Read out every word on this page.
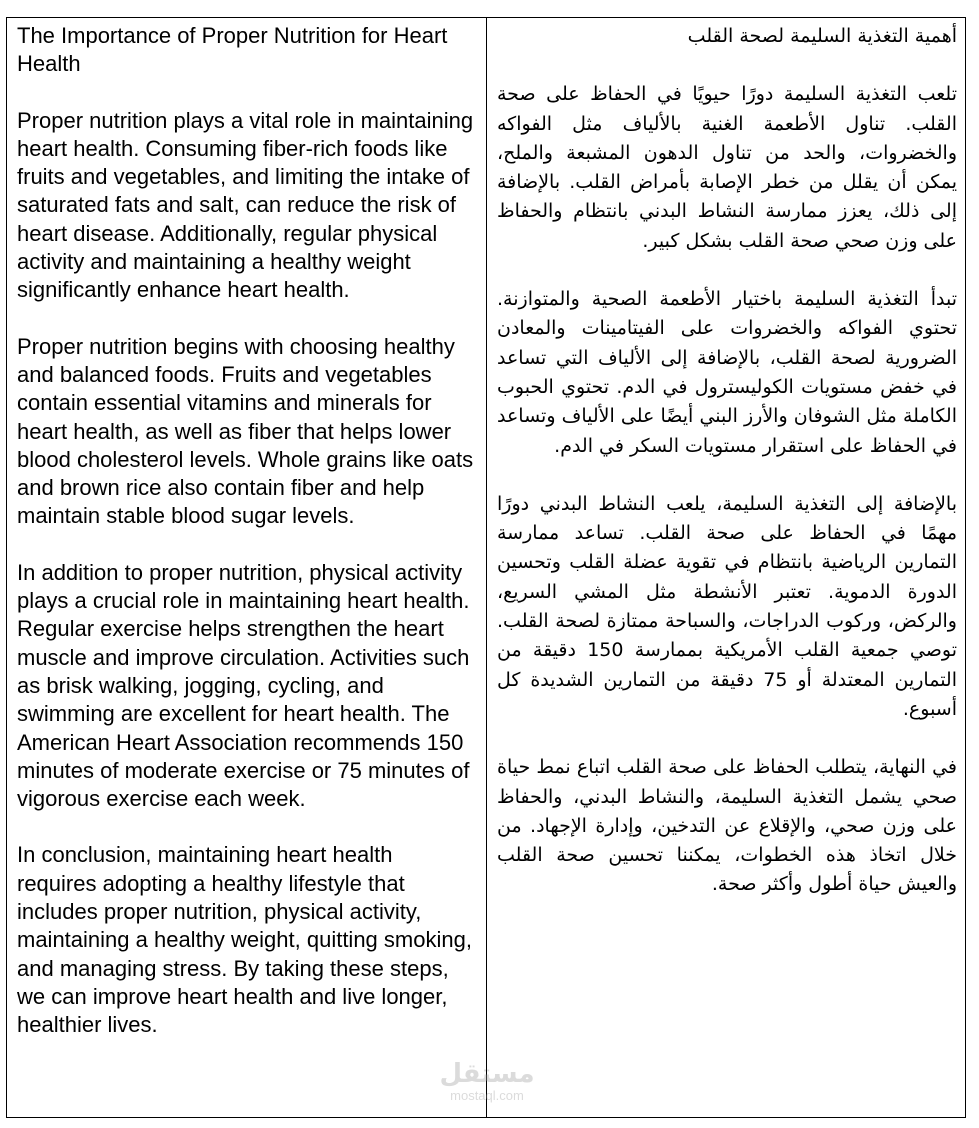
The Importance of Proper Nutrition for Heart Health

Proper nutrition plays a vital role in maintaining heart health. Consuming fiber-rich foods like fruits and vegetables, and limiting the intake of saturated fats and salt, can reduce the risk of heart disease. Additionally, regular physical activity and maintaining a healthy weight significantly enhance heart health.

Proper nutrition begins with choosing healthy and balanced foods. Fruits and vegetables contain essential vitamins and minerals for heart health, as well as fiber that helps lower blood cholesterol levels. Whole grains like oats and brown rice also contain fiber and help maintain stable blood sugar levels.

In addition to proper nutrition, physical activity plays a crucial role in maintaining heart health. Regular exercise helps strengthen the heart muscle and improve circulation. Activities such as brisk walking, jogging, cycling, and swimming are excellent for heart health. The American Heart Association recommends 150 minutes of moderate exercise or 75 minutes of vigorous exercise each week.

In conclusion, maintaining heart health requires adopting a healthy lifestyle that includes proper nutrition, physical activity, maintaining a healthy weight, quitting smoking, and managing stress. By taking these steps, we can improve heart health and live longer, healthier lives.

أهمية التغذية السليمة لصحة القلب

تلعب التغذية السليمة دورًا حيويًا في الحفاظ على صحة القلب. تناول الأطعمة الغنية بالألياف مثل الفواكه والخضروات، والحد من تناول الدهون المشبعة والملح، يمكن أن يقلل من خطر الإصابة بأمراض القلب. بالإضافة إلى ذلك، يعزز ممارسة النشاط البدني بانتظام والحفاظ على وزن صحي صحة القلب بشكل كبير.

تبدأ التغذية السليمة باختيار الأطعمة الصحية والمتوازنة. تحتوي الفواكه والخضروات على الفيتامينات والمعادن الضرورية لصحة القلب، بالإضافة إلى الألياف التي تساعد في خفض مستويات الكوليسترول في الدم. تحتوي الحبوب الكاملة مثل الشوفان والأرز البني أيضًا على الألياف وتساعد في الحفاظ على استقرار مستويات السكر في الدم.

بالإضافة إلى التغذية السليمة، يلعب النشاط البدني دورًا مهمًا في الحفاظ على صحة القلب. تساعد ممارسة التمارين الرياضية بانتظام في تقوية عضلة القلب وتحسين الدورة الدموية. تعتبر الأنشطة مثل المشي السريع، والركض، وركوب الدراجات، والسباحة ممتازة لصحة القلب. توصي جمعية القلب الأمريكية بممارسة 150 دقيقة من التمارين المعتدلة أو 75 دقيقة من التمارين الشديدة كل أسبوع.

في النهاية، يتطلب الحفاظ على صحة القلب اتباع نمط حياة صحي يشمل التغذية السليمة، والنشاط البدني، والحفاظ على وزن صحي، والإقلاع عن التدخين، وإدارة الإجهاد. من خلال اتخاذ هذه الخطوات، يمكننا تحسين صحة القلب والعيش حياة أطول وأكثر صحة.

مستقل
mostaql.com
